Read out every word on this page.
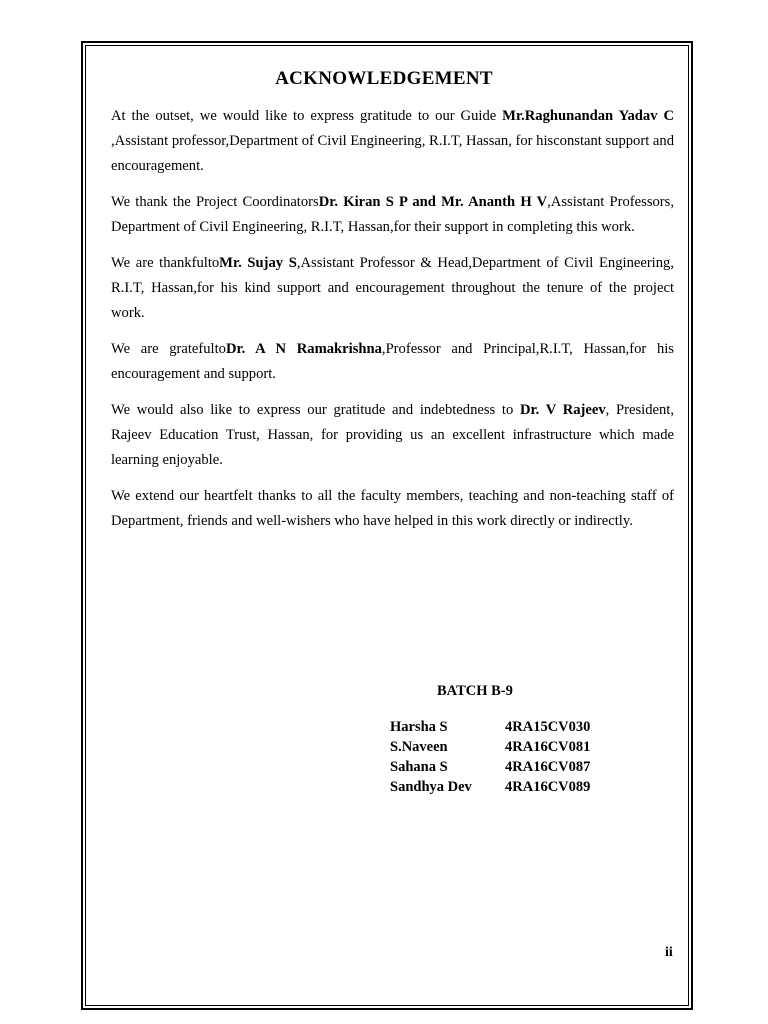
ACKNOWLEDGEMENT

At the outset, we would like to express gratitude to our Guide Mr.Raghunandan Yadav C ,Assistant professor,Department of Civil Engineering, R.I.T, Hassan, for hisconstant support and encouragement.

We thank the Project CoordinatorsDr. Kiran S P and Mr. Ananth H V,Assistant Professors, Department of Civil Engineering, R.I.T, Hassan,for their support in completing this work.

We are thankfultoMr. Sujay S,Assistant Professor & Head,Department of Civil Engineering, R.I.T, Hassan,for his kind support and encouragement throughout the tenure of the project work.

We are gratefultoDr. A N Ramakrishna,Professor and Principal,R.I.T, Hassan,for his encouragement and support.

We would also like to express our gratitude and indebtedness to Dr. V Rajeev, President, Rajeev Education Trust, Hassan, for providing us an excellent infrastructure which made learning enjoyable.

We extend our heartfelt thanks to all the faculty members, teaching and non-teaching staff of Department, friends and well-wishers who have helped in this work directly or indirectly.

BATCH B-9
Harsha S	4RA15CV030
S.Naveen	4RA16CV081
Sahana S	4RA16CV087
Sandhya Dev	4RA16CV089
ii
